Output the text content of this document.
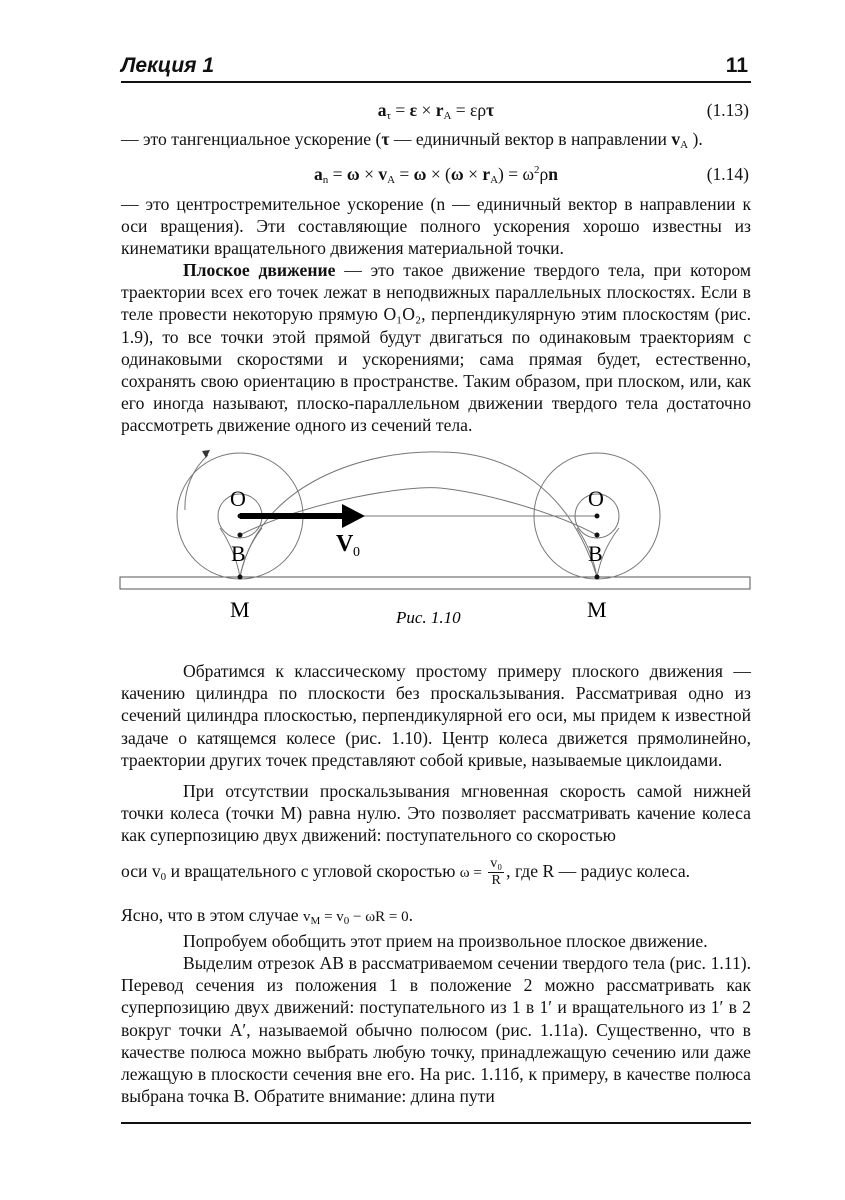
Лекция 1	11
$a_\tau = \varepsilon \times r_A = \varepsilon\rho\tau$	(1.13)

— это тангенциальное ускорение (τ — единичный вектор в направлении $v_A$ ).

$a_n = \omega \times v_A = \omega \times (\omega \times r_A) = \omega^2\rho n$	(1.14)

— это центростремительное ускорение (n — единичный вектор в направлении к оси вращения). Эти составляющие полного ускорения хорошо известны из кинематики вращательного движения материальной точки.

Плоское движение — это такое движение твердого тела, при котором траектории всех его точек лежат в неподвижных параллельных плоскостях. Если в теле провести некоторую прямую O₁O₂, перпендикулярную этим плоскостям (рис. 1.9), то все точки этой прямой будут двигаться по одинаковым траекториям с одинаковыми скоростями и ускорениями; сама прямая будет, естественно, сохранять свою ориентацию в пространстве. Таким образом, при плоском, или, как его иногда называют, плоско-параллельном движении твердого тела достаточно рассмотреть движение одного из сечений тела.

O
B
M
O
B
M
V 0
Рис. 1.10

Обратимся к классическому простому примеру плоского движения — качению цилиндра по плоскости без проскальзывания. Рассматривая одно из сечений цилиндра плоскостью, перпендикулярной его оси, мы придем к известной задаче о катящемся колесе (рис. 1.10). Центр колеса движется прямолинейно, траектории других точек представляют собой кривые, называемые циклоидами.

При отсутствии проскальзывания мгновенная скорость самой нижней точки колеса (точки M) равна нулю. Это позволяет рассматривать качение колеса как суперпозицию двух движений: поступательного со скоростью

оси $v_0$ и вращательного с угловой скоростью $\omega = \frac{\text{v₀}}{R}$ , где R — радиус колеса.

Ясно, что в этом случае $v_M = v_0 - \omega R = 0$.

Попробуем обобщить этот прием на произвольное плоское движение.

Выделим отрезок AB в рассматриваемом сечении твердого тела (рис. 1.11). Перевод сечения из положения 1 в положение 2 можно рассматривать как суперпозицию двух движений: поступательного из 1 в 1′ и вращательного из 1′ в 2 вокруг точки A′, называемой обычно полюсом (рис. 1.11а). Существенно, что в качестве полюса можно выбрать любую точку, принадлежащую сечению или даже лежащую в плоскости сечения вне его. На рис. 1.11б, к примеру, в качестве полюса выбрана точка B. Обратите внимание: длина пути
